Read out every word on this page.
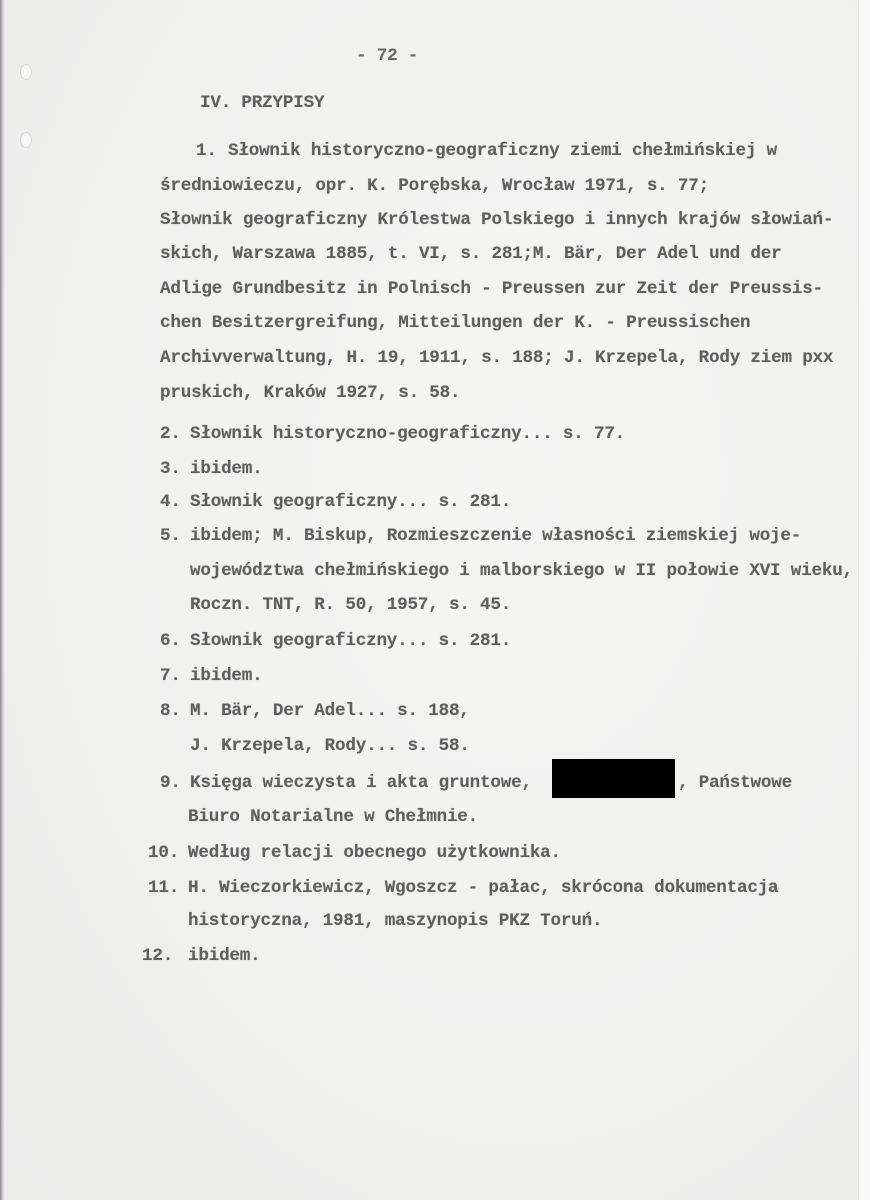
- 72 -
IV. PRZYPISY
1. Słownik historyczno-geograficzny ziemi chełmińskiej w
średniowieczu, opr. K. Porębska, Wrocław 1971, s. 77;
Słownik geograficzny Królestwa Polskiego i innych krajów słowiań-
skich, Warszawa 1885, t. VI, s. 281;M. Bär, Der Adel und der
Adlige Grundbesitz in Polnisch - Preussen zur Zeit der Preussis-
chen Besitzergreifung, Mitteilungen der K. - Preussischen
Archivverwaltung, H. 19, 1911, s. 188; J. Krzepela, Rody ziem pxx
pruskich, Kraków 1927, s. 58.
2. Słownik historyczno-geograficzny... s. 77.
3. ibidem.
4. Słownik geograficzny... s. 281.
5. ibidem; M. Biskup, Rozmieszczenie własności ziemskiej woje-
województwa chełmińskiego i malborskiego w II połowie XVI wieku,
Roczn. TNT, R. 50, 1957, s. 45.
6. Słownik geograficzny... s. 281.
7. ibidem.
8. M. Bär, Der Adel... s. 188,
J. Krzepela, Rody... s. 58.
9. Księga wieczysta i akta gruntowe,	, Państwowe
Biuro Notarialne w Chełmnie.
10. Według relacji obecnego użytkownika.
11. H. Wieczorkiewicz, Wgoszcz - pałac, skrócona dokumentacja
historyczna, 1981, maszynopis PKZ Toruń.
12. ibidem.
